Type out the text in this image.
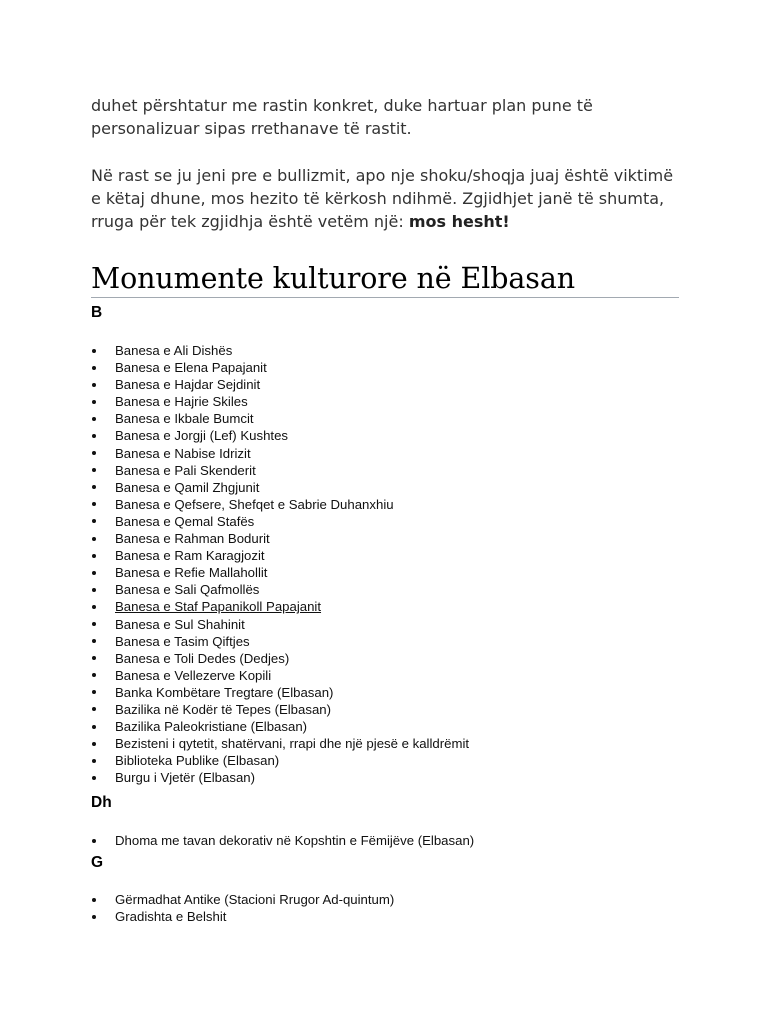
duhet përshtatur me rastin konkret, duke hartuar plan pune të personalizuar sipas rrethanave të rastit.

Në rast se ju jeni pre e bullizmit, apo nje shoku/shoqja juaj është viktimë e këtaj dhune, mos hezito të kërkosh ndihmë. Zgjidhjet janë të shumta, rruga për tek zgjidhja është vetëm një: mos hesht!

Monumente kulturore në Elbasan
B
Banesa e Ali Dishës
Banesa e Elena Papajanit
Banesa e Hajdar Sejdinit
Banesa e Hajrie Skiles
Banesa e Ikbale Bumcit
Banesa e Jorgji (Lef) Kushtes
Banesa e Nabise Idrizit
Banesa e Pali Skenderit
Banesa e Qamil Zhgjunit
Banesa e Qefsere, Shefqet e Sabrie Duhanxhiu
Banesa e Qemal Stafës
Banesa e Rahman Bodurit
Banesa e Ram Karagjozit
Banesa e Refie Mallahollit
Banesa e Sali Qafmollës
Banesa e Staf Papanikoll Papajanit
Banesa e Sul Shahinit
Banesa e Tasim Qiftjes
Banesa e Toli Dedes (Dedjes)
Banesa e Vellezerve Kopili
Banka Kombëtare Tregtare (Elbasan)
Bazilika në Kodër të Tepes (Elbasan)
Bazilika Paleokristiane (Elbasan)
Bezisteni i qytetit, shatërvani, rrapi dhe një pjesë e kalldrëmit
Biblioteka Publike (Elbasan)
Burgu i Vjetër (Elbasan)
Dh
Dhoma me tavan dekorativ në Kopshtin e Fëmijëve (Elbasan)
G
Gërmadhat Antike (Stacioni Rrugor Ad-quintum)
Gradishta e Belshit
